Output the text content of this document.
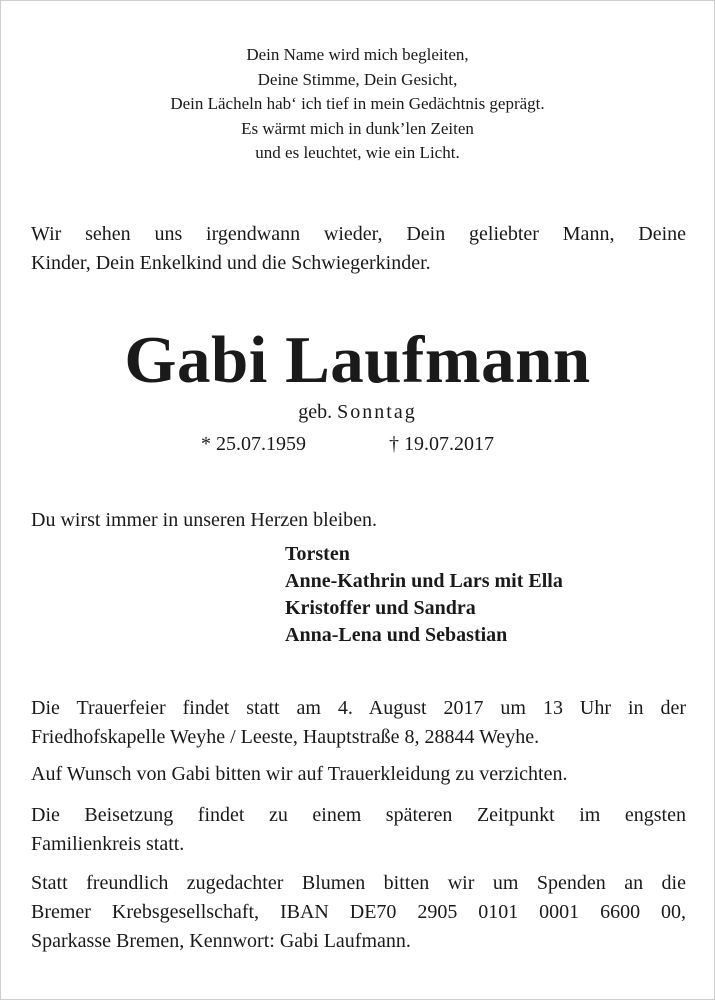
Dein Name wird mich begleiten,
Deine Stimme, Dein Gesicht,
Dein Lächeln hab‘ ich tief in mein Gedächtnis geprägt.
Es wärmt mich in dunk’len Zeiten
und es leuchtet, wie ein Licht.
Wir sehen uns irgendwann wieder, Dein geliebter Mann, Deine
Kinder, Dein Enkelkind und die Schwiegerkinder.
Gabi Laufmann
geb. Sonntag
* 25.07.1959	† 19.07.2017
Du wirst immer in unseren Herzen bleiben.
Torsten
Anne-Kathrin und Lars mit Ella
Kristoffer und Sandra
Anna-Lena und Sebastian
Die Trauerfeier findet statt am 4. August 2017 um 13 Uhr in der
Friedhofskapelle Weyhe / Leeste, Hauptstraße 8, 28844 Weyhe.
Auf Wunsch von Gabi bitten wir auf Trauerkleidung zu verzichten.
Die Beisetzung findet zu einem späteren Zeitpunkt im engsten
Familienkreis statt.
Statt freundlich zugedachter Blumen bitten wir um Spenden an die
Bremer Krebsgesellschaft, IBAN DE70 2905 0101 0001 6600 00,
Sparkasse Bremen, Kennwort: Gabi Laufmann.
